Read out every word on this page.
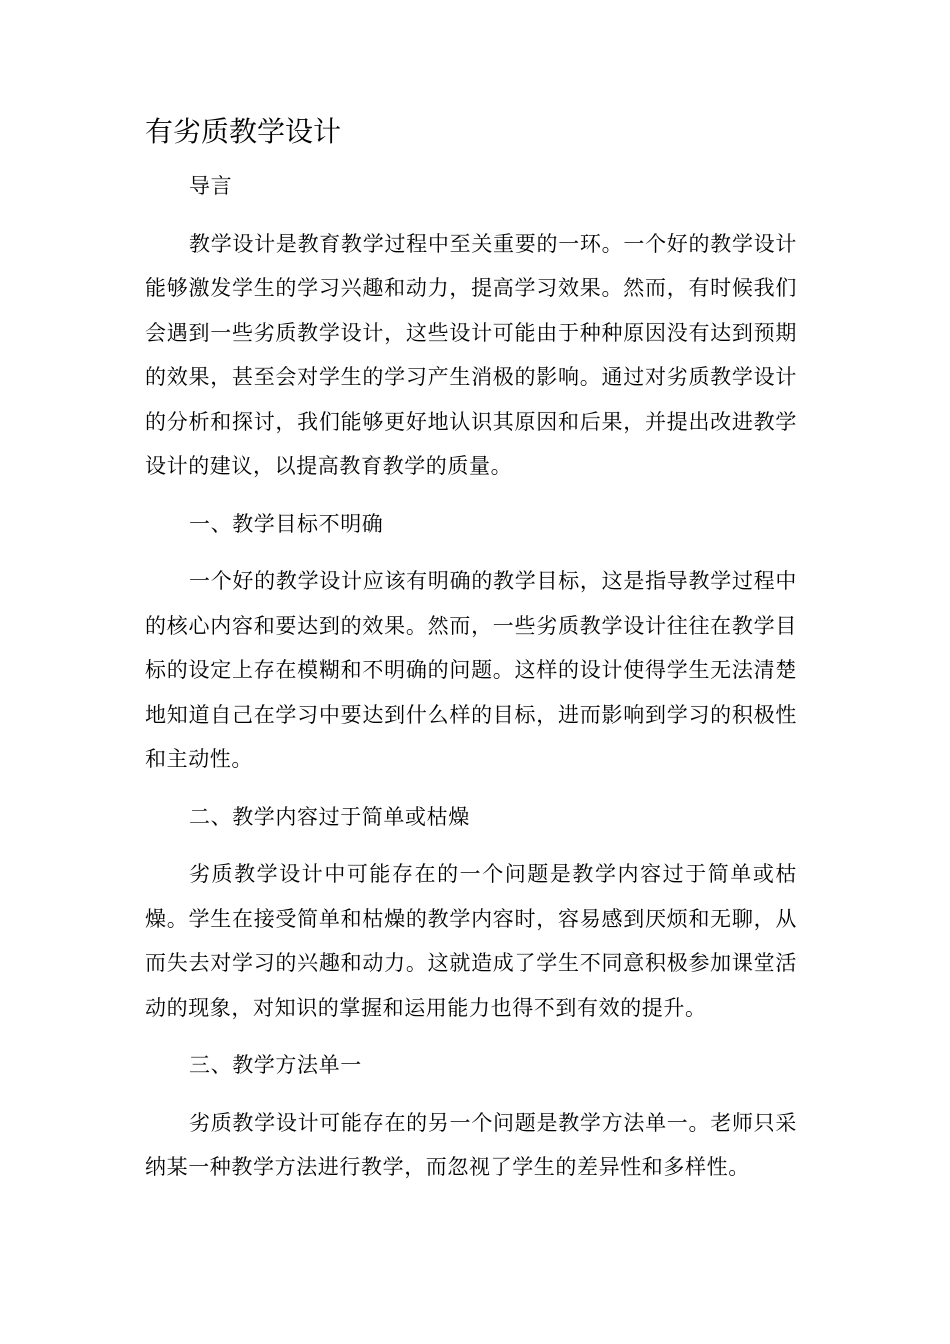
有劣质教学设计

导言

教学设计是教育教学过程中至关重要的一环。一个好的教学设计能够激发学生的学习兴趣和动力，提高学习效果。然而，有时候我们会遇到一些劣质教学设计，这些设计可能由于种种原因没有达到预期的效果，甚至会对学生的学习产生消极的影响。通过对劣质教学设计的分析和探讨，我们能够更好地认识其原因和后果，并提出改进教学设计的建议，以提高教育教学的质量。

一、教学目标不明确

一个好的教学设计应该有明确的教学目标，这是指导教学过程中的核心内容和要达到的效果。然而，一些劣质教学设计往往在教学目标的设定上存在模糊和不明确的问题。这样的设计使得学生无法清楚地知道自己在学习中要达到什么样的目标，进而影响到学习的积极性和主动性。

二、教学内容过于简单或枯燥

劣质教学设计中可能存在的一个问题是教学内容过于简单或枯燥。学生在接受简单和枯燥的教学内容时，容易感到厌烦和无聊，从而失去对学习的兴趣和动力。这就造成了学生不同意积极参加课堂活动的现象，对知识的掌握和运用能力也得不到有效的提升。

三、教学方法单一

劣质教学设计可能存在的另一个问题是教学方法单一。老师只采纳某一种教学方法进行教学，而忽视了学生的差异性和多样性。
